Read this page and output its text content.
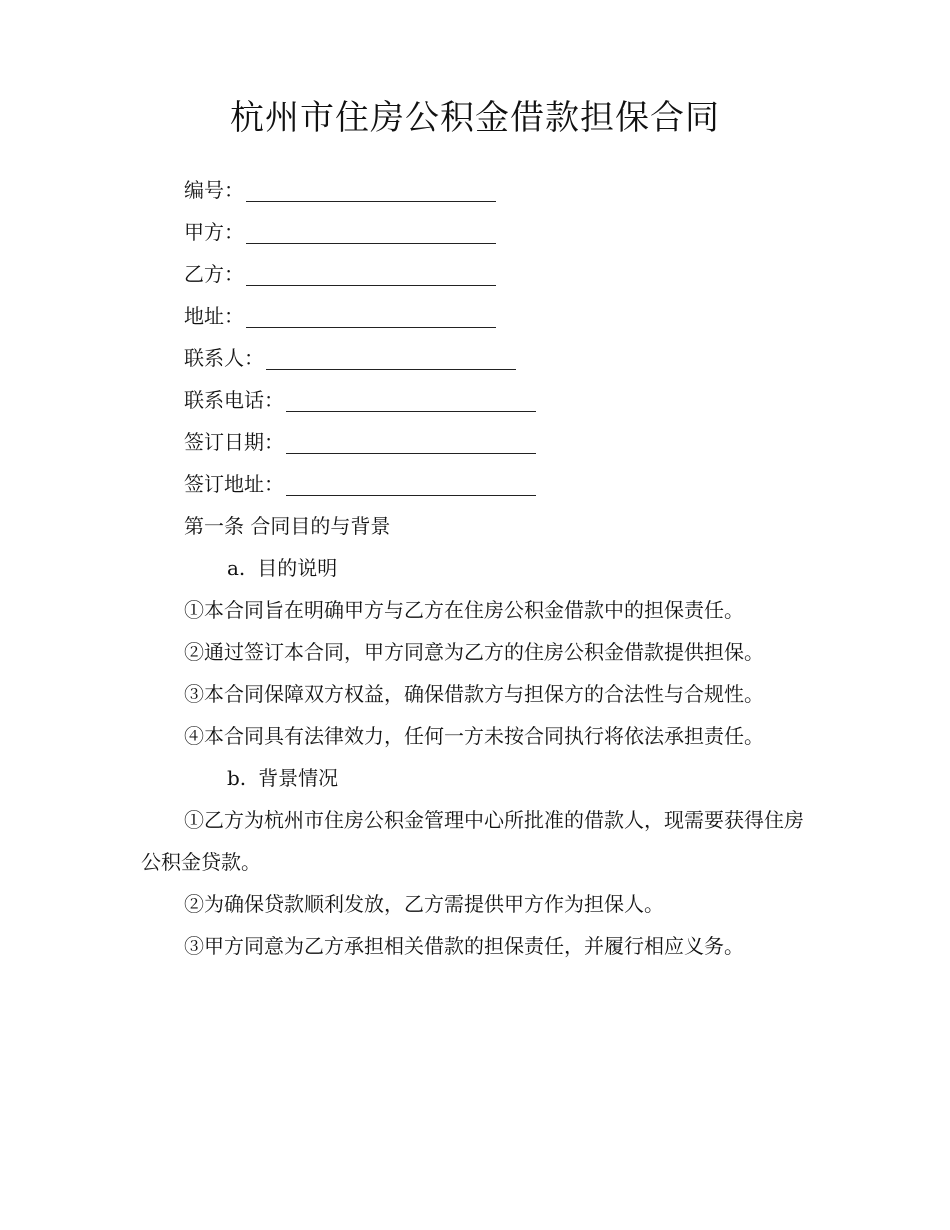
杭州市住房公积金借款担保合同
编号：
甲方：
乙方：
地址：
联系人：
联系电话：
签订日期：
签订地址：

第一条 合同目的与背景

a. 目的说明

①本合同旨在明确甲方与乙方在住房公积金借款中的担保责任。

②通过签订本合同，甲方同意为乙方的住房公积金借款提供担保。

③本合同保障双方权益，确保借款方与担保方的合法性与合规性。

④本合同具有法律效力，任何一方未按合同执行将依法承担责任。

b. 背景情况

①乙方为杭州市住房公积金管理中心所批准的借款人，现需要获得住房公积金贷款。

②为确保贷款顺利发放，乙方需提供甲方作为担保人。

③甲方同意为乙方承担相关借款的担保责任，并履行相应义务。
